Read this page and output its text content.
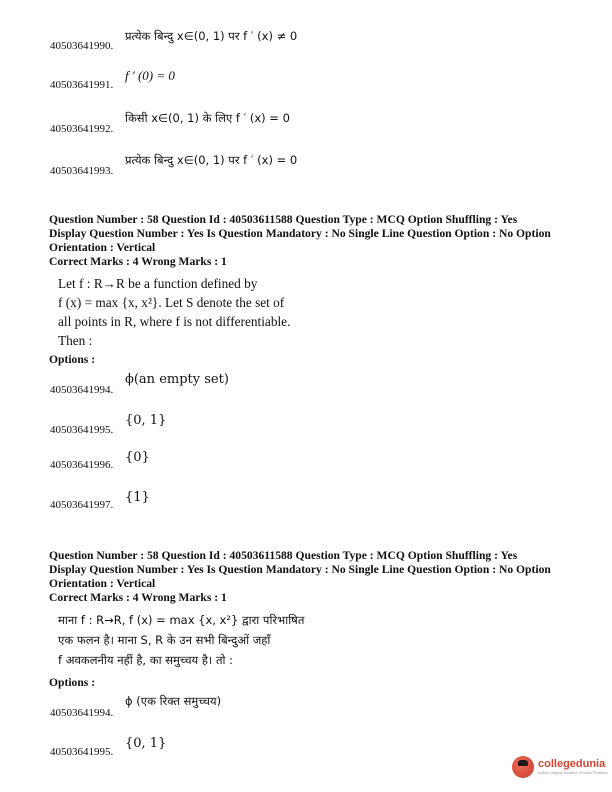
40503641990.
प्रत्येक बिन्दु x∈(0, 1) पर f ′ (x) ≠ 0
40503641991.
f ′ (0) = 0
40503641992.
किसी x∈(0, 1) के लिए f ′ (x) = 0
40503641993.
प्रत्येक बिन्दु x∈(0, 1) पर f ′ (x) = 0
Question Number : 58 Question Id : 40503611588 Question Type : MCQ Option Shuffling : Yes
Display Question Number : Yes Is Question Mandatory : No Single Line Question Option : No Option
Orientation : Vertical
Correct Marks : 4 Wrong Marks : 1
Let f : R→R be a function defined by
f (x) = max {x, x²}. Let S denote the set of
all points in R, where f is not differentiable.
Then :
Options :
40503641994.
ϕ(an empty set)
40503641995.
{0, 1}
40503641996. {0}
40503641997. {1}
Question Number : 58 Question Id : 40503611588 Question Type : MCQ Option Shuffling : Yes
Display Question Number : Yes Is Question Mandatory : No Single Line Question Option : No Option
Orientation : Vertical
Correct Marks : 4 Wrong Marks : 1
माना f : R→R, f (x) = max {x, x²} द्वारा परिभाषित
एक फलन है। माना S, R के उन सभी बिन्दुओं जहाँ
f अवकलनीय नहीं है, का समुच्चय है। तो :
Options :
40503641994.
ϕ (एक रिक्त समुच्चय)
40503641995.
{0, 1}
collegedunia
India's largest Student Review Platform
